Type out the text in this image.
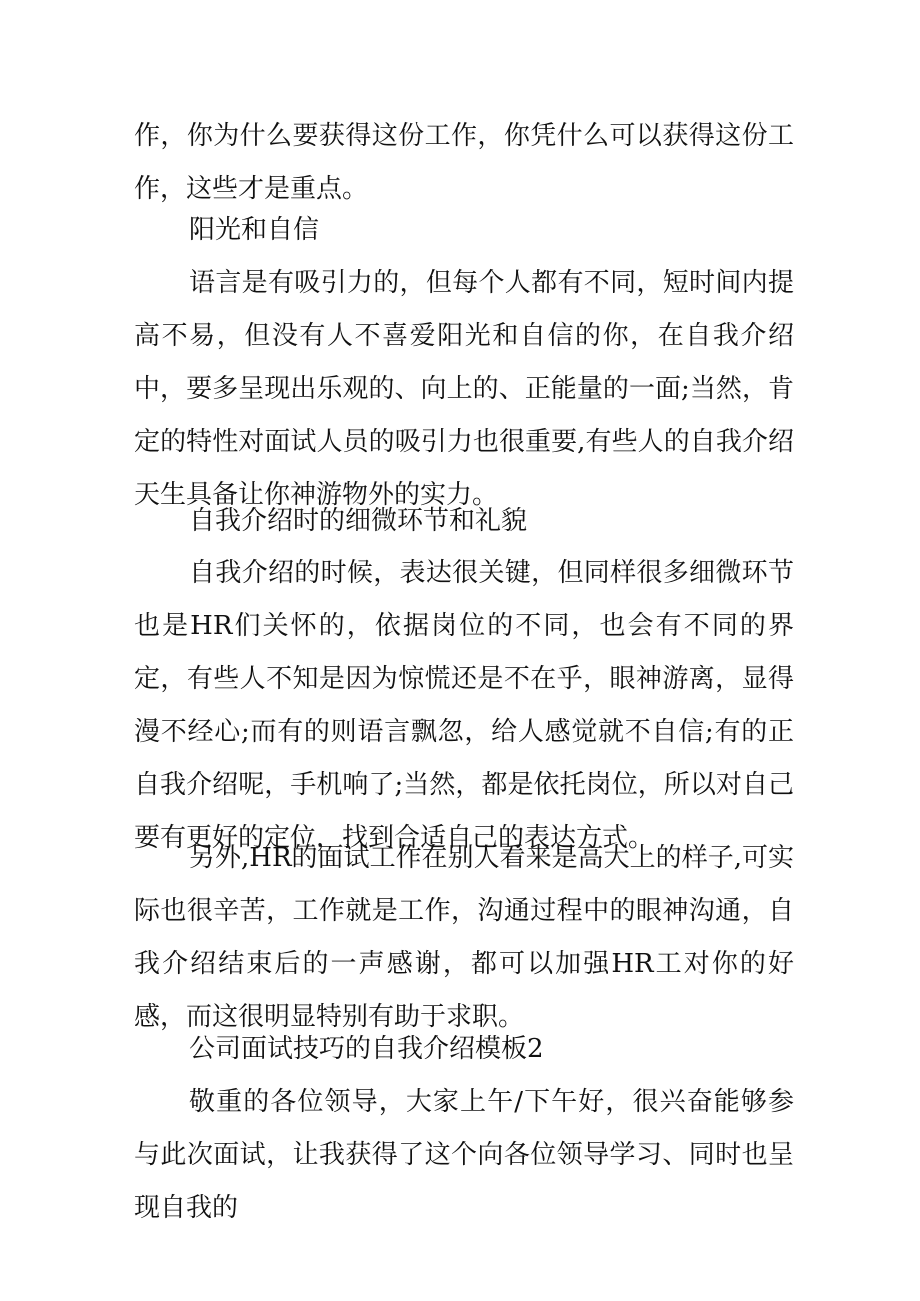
作，你为什么要获得这份工作，你凭什么可以获得这份工作，这些才是重点。

阳光和自信

语言是有吸引力的，但每个人都有不同，短时间内提高不易，但没有人不喜爱阳光和自信的你，在自我介绍中，要多呈现出乐观的、向上的、正能量的一面;当然，肯定的特性对面试人员的吸引力也很重要,有些人的自我介绍天生具备让你神游物外的实力。

自我介绍时的细微环节和礼貌

自我介绍的时候，表达很关键，但同样很多细微环节也是HR们关怀的，依据岗位的不同，也会有不同的界定，有些人不知是因为惊慌还是不在乎，眼神游离，显得漫不经心;而有的则语言飘忽，给人感觉就不自信;有的正自我介绍呢，手机响了;当然，都是依托岗位，所以对自己要有更好的定位，找到合适自己的表达方式。

另外,HR的面试工作在别人看来是高大上的样子,可实际也很辛苦，工作就是工作，沟通过程中的眼神沟通，自我介绍结束后的一声感谢，都可以加强HR工对你的好感，而这很明显特别有助于求职。

公司面试技巧的自我介绍模板2

敬重的各位领导，大家上午/下午好，很兴奋能够参与此次面试，让我获得了这个向各位领导学习、同时也呈现自我的
